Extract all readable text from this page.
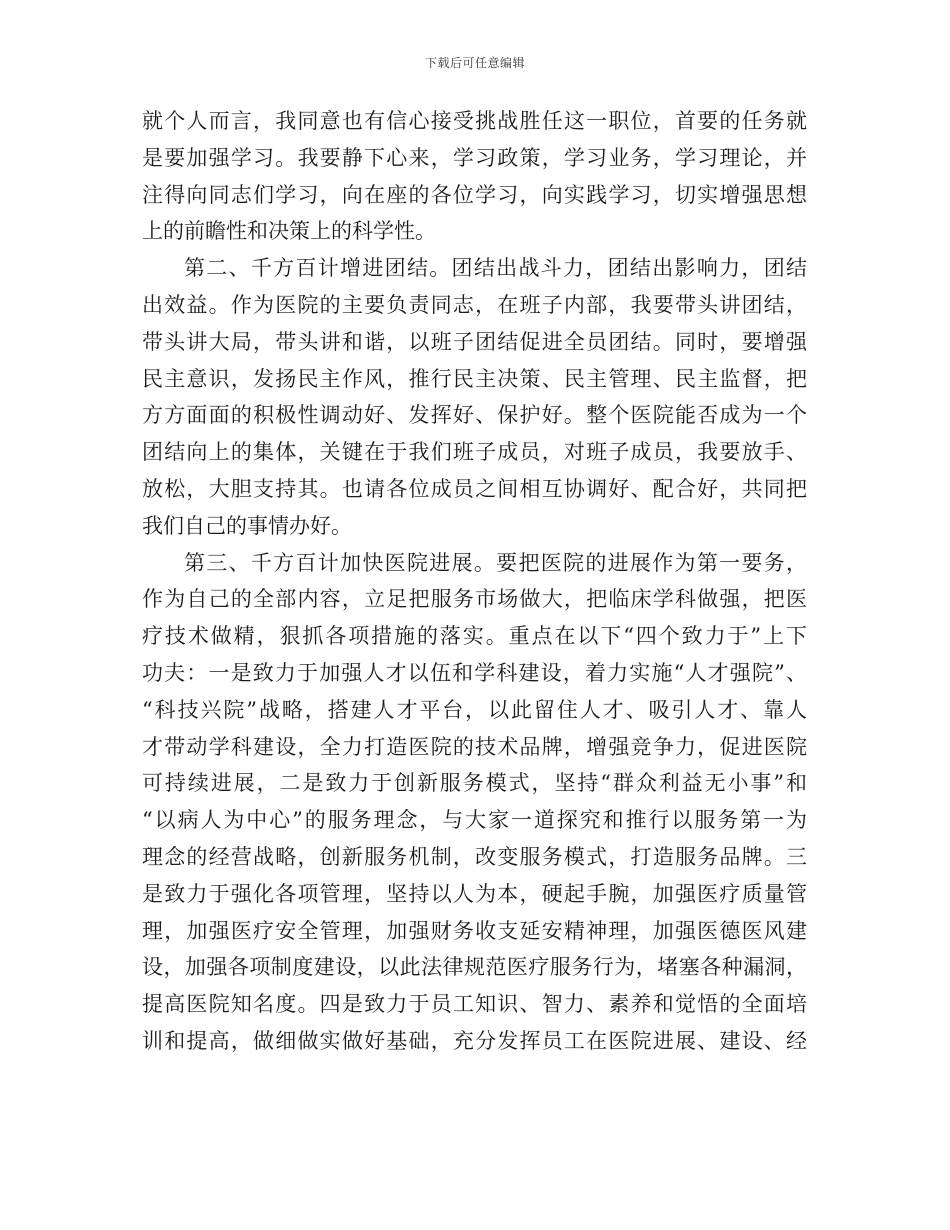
下载后可任意编辑
就个人而言，我同意也有信心接受挑战胜任这一职位，首要的任务就
是要加强学习。我要静下心来，学习政策，学习业务，学习理论，并
注得向同志们学习，向在座的各位学习，向实践学习，切实增强思想
上的前瞻性和决策上的科学性。
第二、千方百计增进团结。团结出战斗力，团结出影响力，团结
出效益。作为医院的主要负责同志，在班子内部，我要带头讲团结，
带头讲大局，带头讲和谐，以班子团结促进全员团结。同时，要增强
民主意识，发扬民主作风，推行民主决策、民主管理、民主监督，把
方方面面的积极性调动好、发挥好、保护好。整个医院能否成为一个
团结向上的集体，关键在于我们班子成员，对班子成员，我要放手、
放松，大胆支持其。也请各位成员之间相互协调好、配合好，共同把
我们自己的事情办好。
第三、千方百计加快医院进展。要把医院的进展作为第一要务，
作为自己的全部内容，立足把服务市场做大，把临床学科做强，把医
疗技术做精，狠抓各项措施的落实。重点在以下“四个致力于”上下
功夫：一是致力于加强人才以伍和学科建设，着力实施“人才强院”、
“科技兴院”战略，搭建人才平台，以此留住人才、吸引人才、靠人
才带动学科建设，全力打造医院的技术品牌，增强竞争力，促进医院
可持续进展，二是致力于创新服务模式，坚持“群众利益无小事”和
“以病人为中心”的服务理念，与大家一道探究和推行以服务第一为
理念的经营战略，创新服务机制，改变服务模式，打造服务品牌。三
是致力于强化各项管理，坚持以人为本，硬起手腕，加强医疗质量管
理，加强医疗安全管理，加强财务收支延安精神理，加强医德医风建
设，加强各项制度建设，以此法律规范医疗服务行为，堵塞各种漏洞，
提高医院知名度。四是致力于员工知识、智力、素养和觉悟的全面培
训和提高，做细做实做好基础，充分发挥员工在医院进展、建设、经
